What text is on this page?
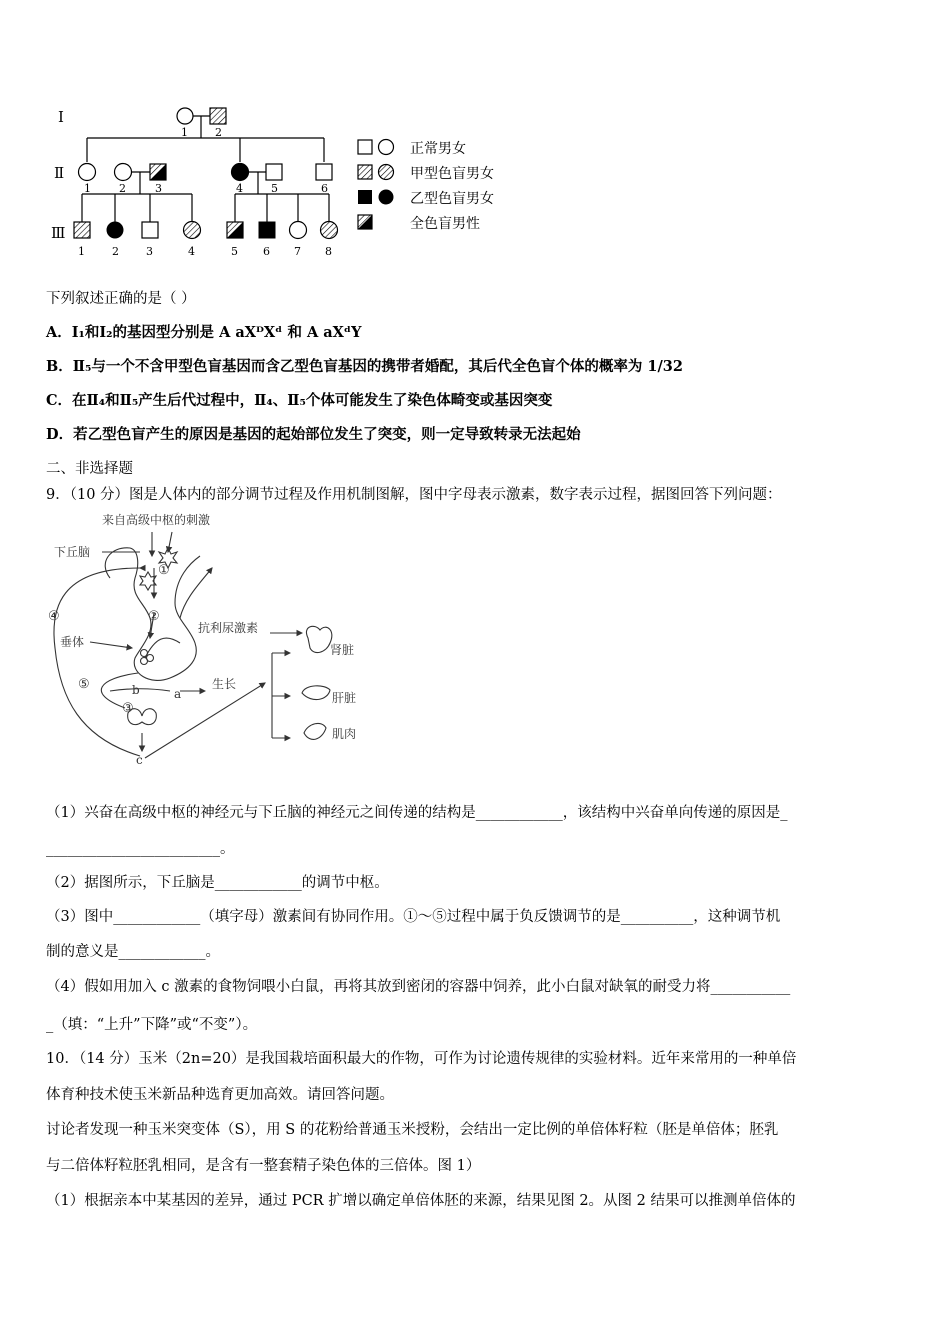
Ⅰ
Ⅱ
Ⅲ
1 2
1	2	3	4	5	6
1 2 3	4	5 6 7 8
正常男女
甲型色盲男女
乙型色盲男女
全色盲男性
下列叙述正确的是（ ）
A．Ⅰ₁和Ⅰ₂的基因型分别是 A aXᴰXᵈ 和 A aXᵈY
B．Ⅱ₅与一个不含甲型色盲基因而含乙型色盲基因的携带者婚配，其后代全色盲个体的概率为 1/32
C．在Ⅱ₄和Ⅱ₅产生后代过程中，Ⅱ₄、Ⅱ₅个体可能发生了染色体畸变或基因突变
D．若乙型色盲产生的原因是基因的起始部位发生了突变，则一定导致转录无法起始
二、非选择题
9．（10 分）图是人体内的部分调节过程及作用机制图解，图中字母表示激素，数字表示过程，据图回答下列问题：
来自高级中枢的刺激
下丘脑
垂体
抗利尿激素
生长
肾脏
肝脏
肌肉
①
②
③
④
⑤
a
b
c
（1）兴奋在高级中枢的神经元与下丘脑的神经元之间传递的结构是____________，该结构中兴奋单向传递的原因是_
________________________。
（2）据图所示，下丘脑是____________的调节中枢。
（3）图中____________（填字母）激素间有协同作用。①～⑤过程中属于负反馈调节的是__________，这种调节机
制的意义是____________。
（4）假如用加入 c 激素的食物饲喂小白鼠，再将其放到密闭的容器中饲养，此小白鼠对缺氧的耐受力将___________
_（填：“上升”下降”或“不变”）。
10．（14 分）玉米（2n=20）是我国栽培面积最大的作物，可作为讨论遗传规律的实验材料。近年来常用的一种单倍
体育种技术使玉米新品种选育更加高效。请回答问题。
讨论者发现一种玉米突变体（S），用 S 的花粉给普通玉米授粉，会结出一定比例的单倍体籽粒（胚是单倍体；胚乳
与二倍体籽粒胚乳相同，是含有一整套精子染色体的三倍体。图 1）
（1）根据亲本中某基因的差异，通过 PCR 扩增以确定单倍体胚的来源，结果见图 2。从图 2 结果可以推测单倍体的
